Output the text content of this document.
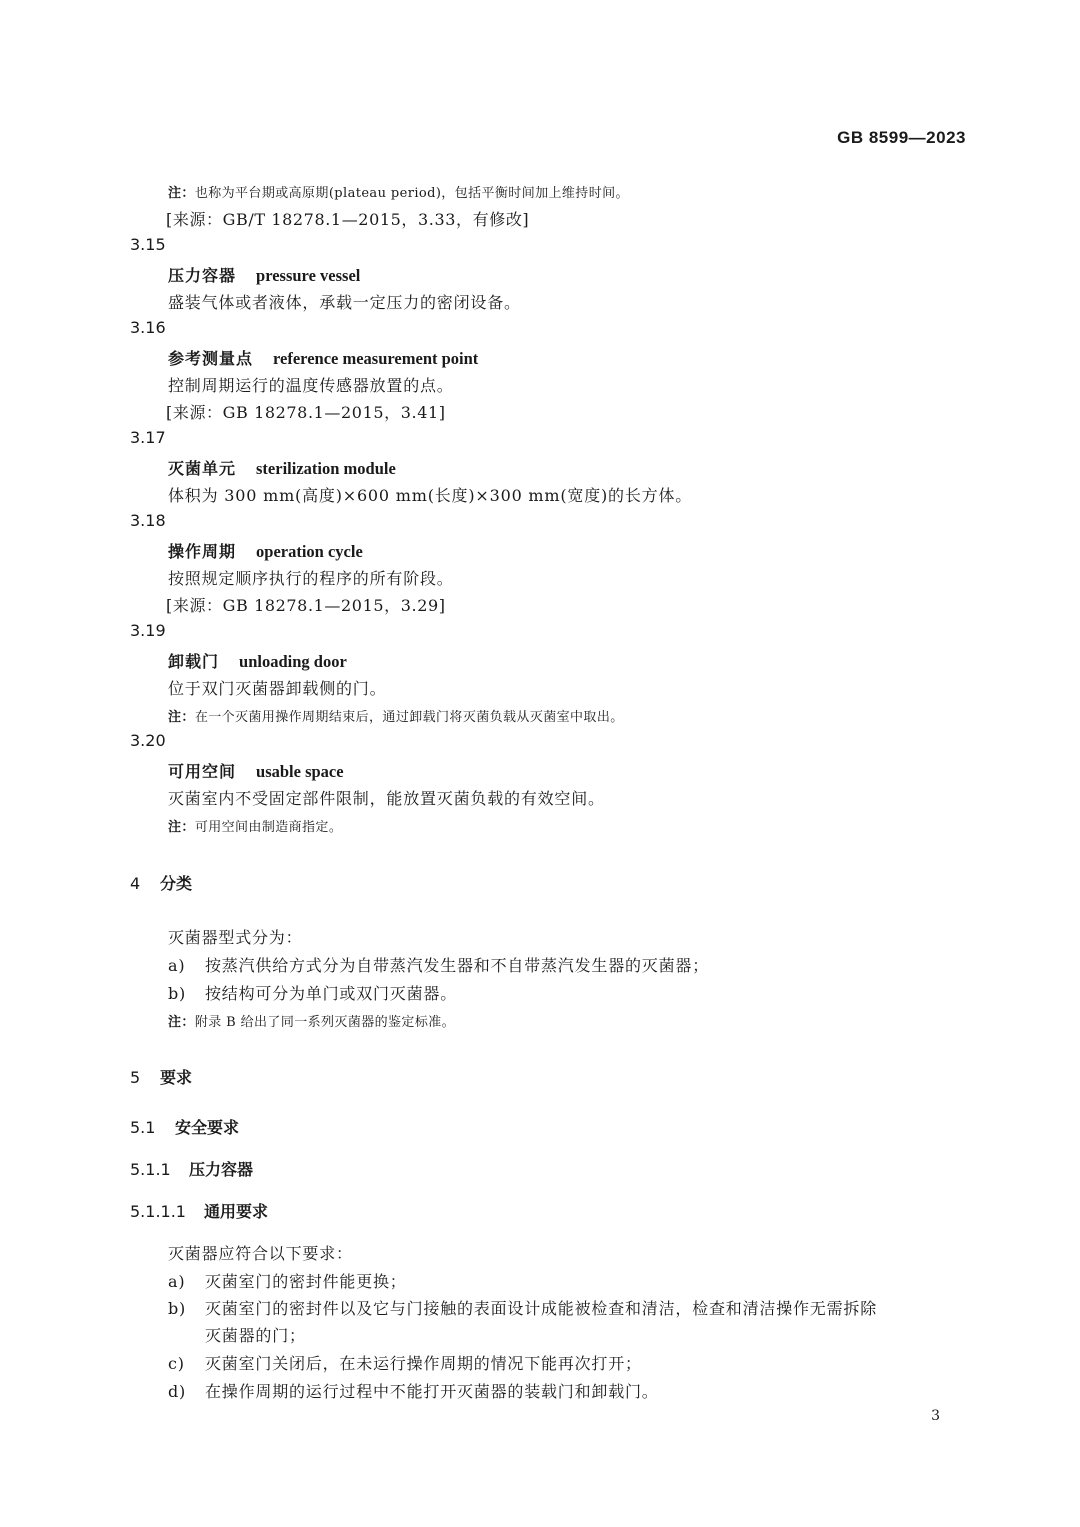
GB 8599—2023
注：也称为平台期或高原期(plateau period)，包括平衡时间加上维持时间。
[来源：GB/T 18278.1—2015，3.33，有修改]
3.15
压力容器 pressure vessel
盛装气体或者液体，承载一定压力的密闭设备。
3.16
参考测量点 reference measurement point
控制周期运行的温度传感器放置的点。
[来源：GB 18278.1—2015，3.41]
3.17
灭菌单元 sterilization module
体积为 300 mm(高度)×600 mm(长度)×300 mm(宽度)的长方体。
3.18
操作周期 operation cycle
按照规定顺序执行的程序的所有阶段。
[来源：GB 18278.1—2015，3.29]
3.19
卸载门 unloading door
位于双门灭菌器卸载侧的门。
注：在一个灭菌用操作周期结束后，通过卸载门将灭菌负载从灭菌室中取出。
3.20
可用空间 usable space
灭菌室内不受固定部件限制，能放置灭菌负载的有效空间。
注：可用空间由制造商指定。
4 分类
灭菌器型式分为：
a) 按蒸汽供给方式分为自带蒸汽发生器和不自带蒸汽发生器的灭菌器；
b) 按结构可分为单门或双门灭菌器。
注：附录 B 给出了同一系列灭菌器的鉴定标准。
5 要求
5.1 安全要求
5.1.1 压力容器
5.1.1.1 通用要求
灭菌器应符合以下要求：
a) 灭菌室门的密封件能更换；
b) 灭菌室门的密封件以及它与门接触的表面设计成能被检查和清洁，检查和清洁操作无需拆除
灭菌器的门；
c) 灭菌室门关闭后，在未运行操作周期的情况下能再次打开；
d) 在操作周期的运行过程中不能打开灭菌器的装载门和卸载门。
3
